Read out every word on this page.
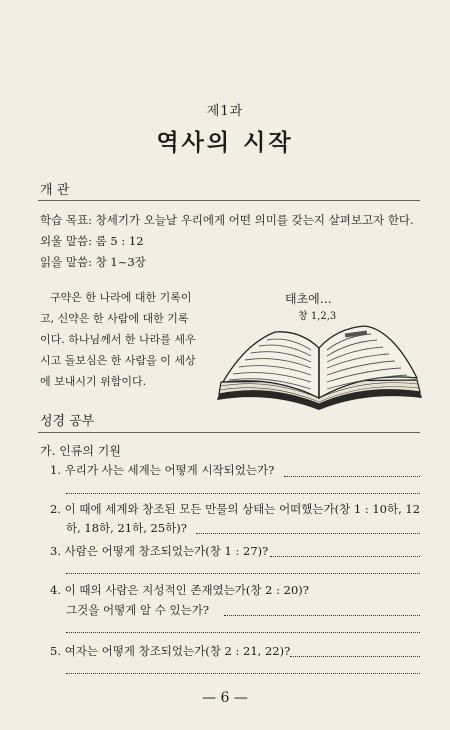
제1과
역사의 시작
개 관
학습 목표: 창세기가 오늘날 우리에게 어떤 의미를 갖는지 살펴보고자 한다.
외울 말씀: 롬 5 : 12
읽을 말씀: 창 1~3장

구약은 한 나라에 대한 기록이

고, 신약은 한 사람에 대한 기록

이다. 하나님께서 한 나라를 세우

시고 돌보심은 한 사람을 이 세상

에 보내시기 위함이다.

태초에…
창 1,2,3
성경 공부
가. 인류의 기원
1. 우리가 사는 세계는 어떻게 시작되었는가?
2. 이 때에 세계와 창조된 모든 만물의 상태는 어떠했는가(창 1 : 10하, 12
하, 18하, 21하, 25하)?
3. 사람은 어떻게 창조되었는가(창 1 : 27)?
4. 이 때의 사람은 지성적인 존재였는가(창 2 : 20)?
그것을 어떻게 알 수 있는가?
5. 여자는 어떻게 창조되었는가(창 2 : 21, 22)?
— 6 —
